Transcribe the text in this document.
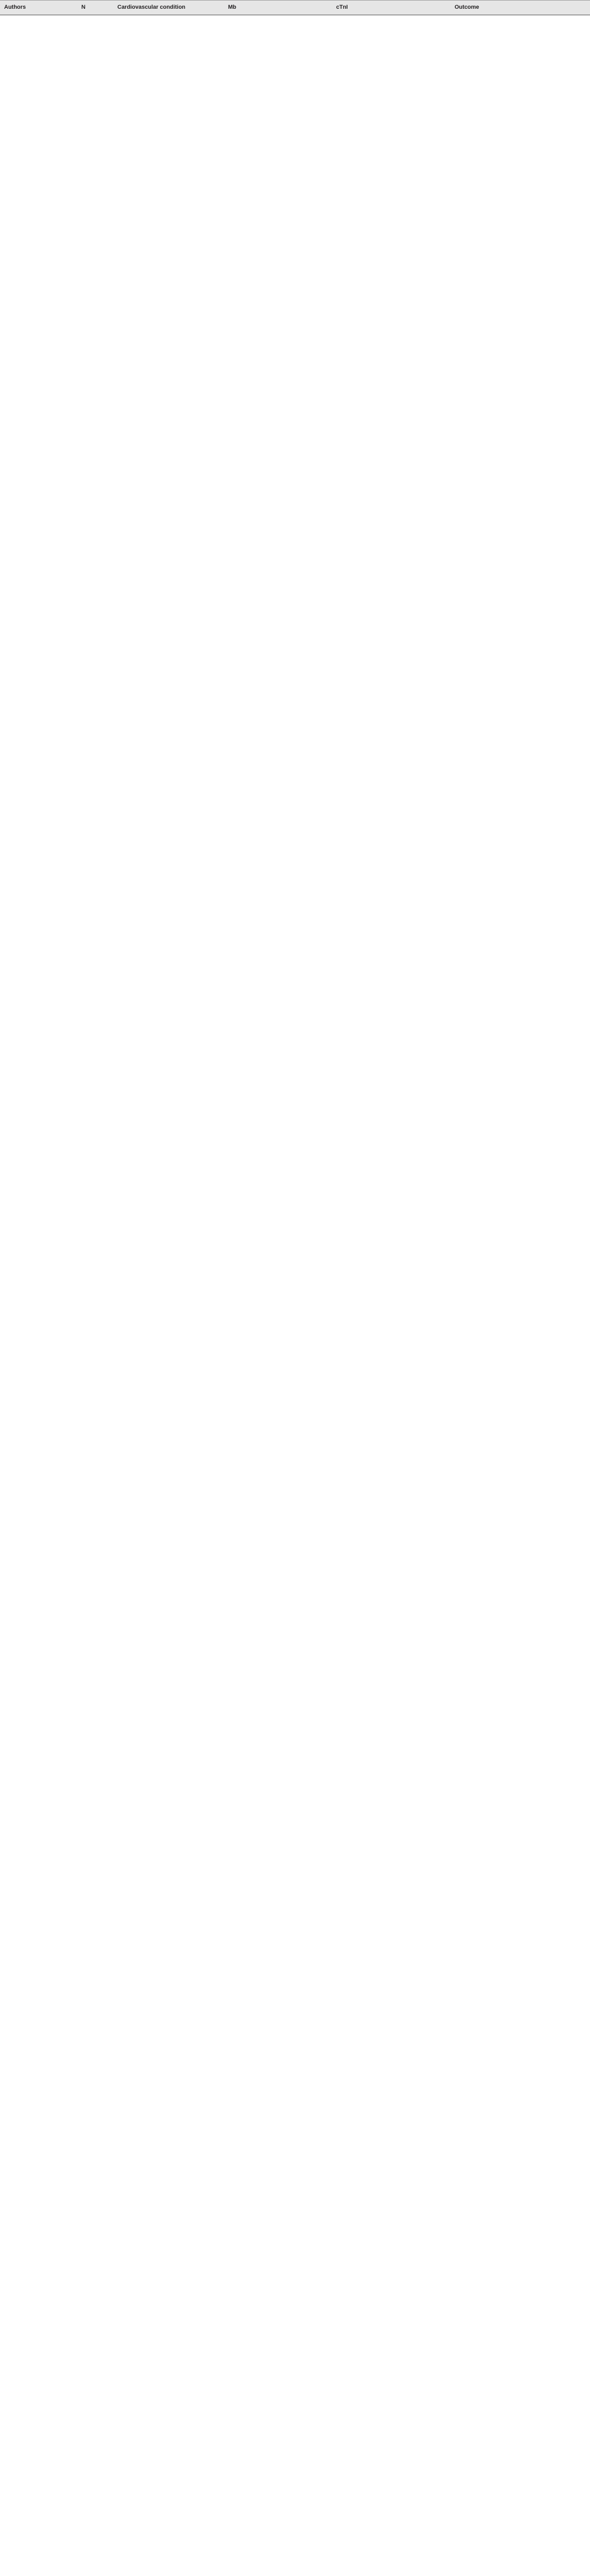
Authors	N	Cardiovascular condition	Mb	cTnI	Outcome
